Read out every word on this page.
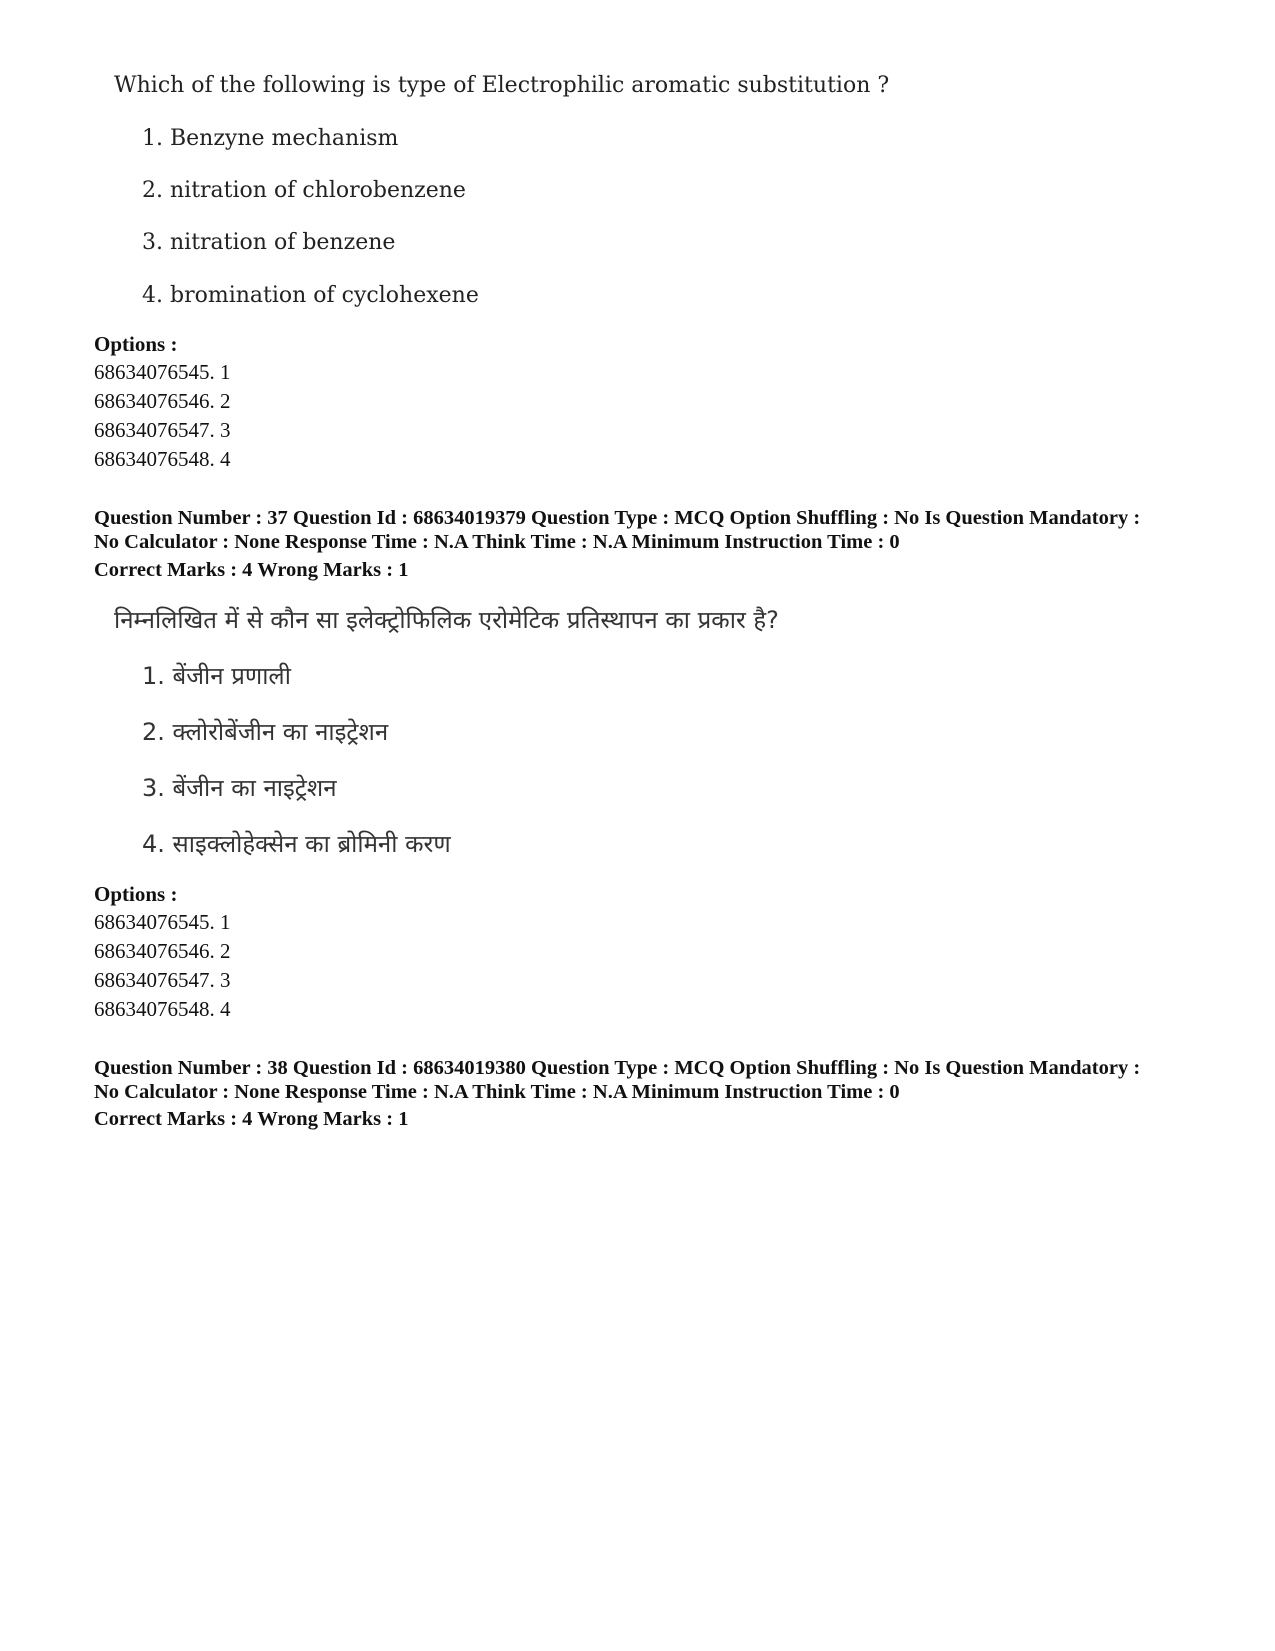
Which of the following is type of Electrophilic aromatic substitution ?
1. Benzyne mechanism
2. nitration of chlorobenzene
3. nitration of benzene
4. bromination of cyclohexene
Options :
68634076545. 1
68634076546. 2
68634076547. 3
68634076548. 4
Question Number : 37 Question Id : 68634019379 Question Type : MCQ Option Shuffling : No Is Question Mandatory :
No Calculator : None Response Time : N.A Think Time : N.A Minimum Instruction Time : 0
Correct Marks : 4 Wrong Marks : 1
निम्नलिखित में से कौन सा इलेक्ट्रोफिलिक एरोमेटिक प्रतिस्थापन का प्रकार है?
1. बेंजीन प्रणाली
2. क्लोरोबेंजीन का नाइट्रेशन
3. बेंजीन का नाइट्रेशन
4. साइक्लोहेक्सेन का ब्रोमिनी करण
Options :
68634076545. 1
68634076546. 2
68634076547. 3
68634076548. 4
Question Number : 38 Question Id : 68634019380 Question Type : MCQ Option Shuffling : No Is Question Mandatory :
No Calculator : None Response Time : N.A Think Time : N.A Minimum Instruction Time : 0
Correct Marks : 4 Wrong Marks : 1
